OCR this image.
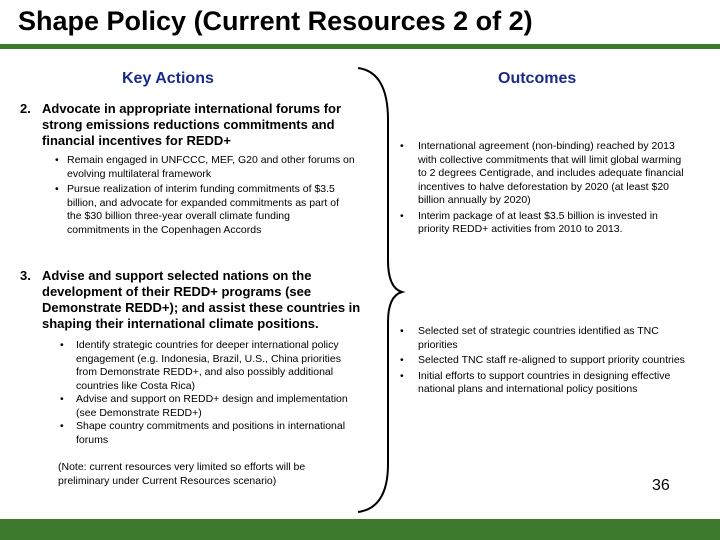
Shape Policy (Current Resources 2 of 2)
Key Actions	Outcomes
2. Advocate in appropriate international forums for strong emissions reductions commitments and financial incentives for REDD+
• Remain engaged in UNFCCC, MEF, G20 and other forums on evolving multilateral framework
• Pursue realization of interim funding commitments of $3.5 billion, and advocate for expanded commitments as part of the $30 billion three-year overall climate funding commitments in the Copenhagen Accords
3. Advise and support selected nations on the development of their REDD+ programs (see Demonstrate REDD+); and assist these countries in shaping their international climate positions.
• Identify strategic countries for deeper international policy engagement (e.g. Indonesia, Brazil, U.S., China priorities from Demonstrate REDD+, and also possibly additional countries like Costa Rica)
• Advise and support on REDD+ design and implementation (see Demonstrate REDD+)
• Shape country commitments and positions in international forums
(Note: current resources very limited so efforts will be preliminary under Current Resources scenario)
• International agreement (non-binding) reached by 2013 with collective commitments that will limit global warming to 2 degrees Centigrade, and includes adequate financial incentives to halve deforestation by 2020 (at least $20 billion annually by 2020)
• Interim package of at least $3.5 billion is invested in priority REDD+ activities from 2010 to 2013.
• Selected set of strategic countries identified as TNC priorities
• Selected TNC staff re-aligned to support priority countries
• Initial efforts to support countries in designing effective national plans and international policy positions
36
